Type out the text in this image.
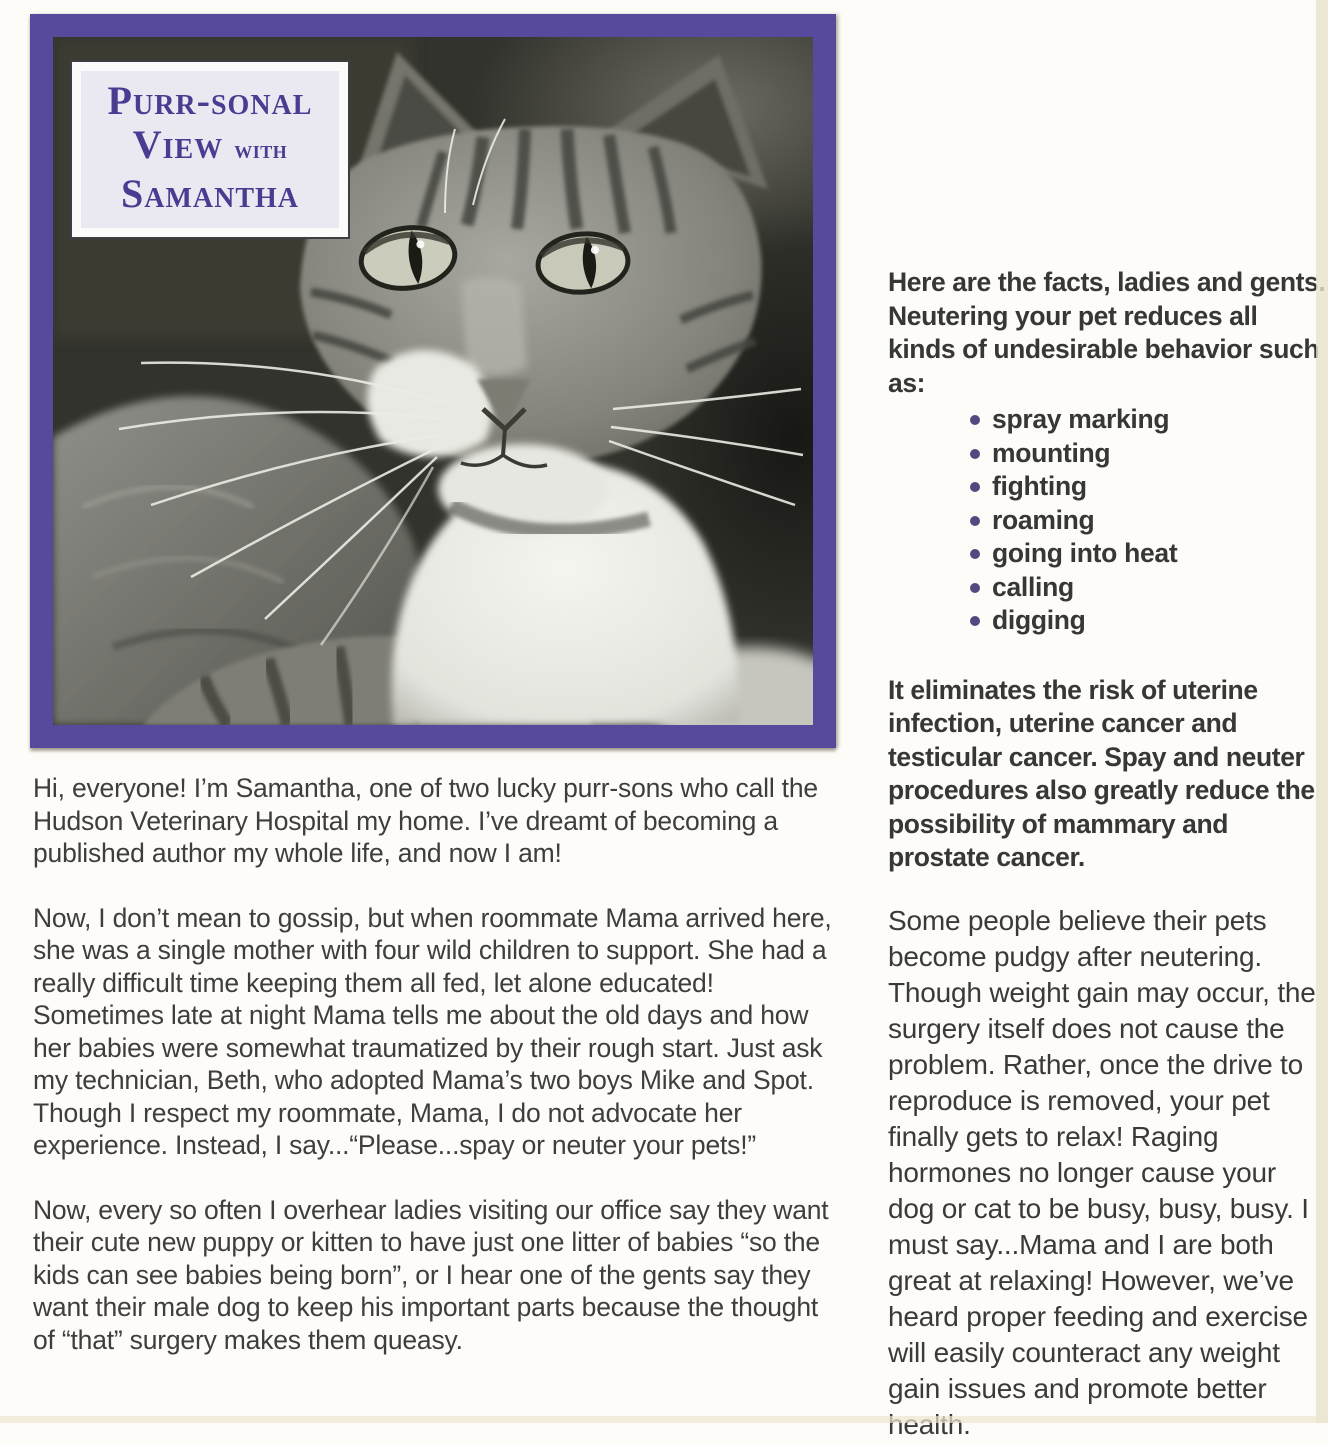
Purr-sonal
View with
Samantha

Hi, everyone! I’m Samantha, one of two lucky purr-sons who call the Hudson Veterinary Hospital my home. I’ve dreamt of becoming a published author my whole life, and now I am!

Now, I don’t mean to gossip, but when roommate Mama arrived here, she was a single mother with four wild children to support. She had a really difficult time keeping them all fed, let alone educated! Sometimes late at night Mama tells me about the old days and how her babies were somewhat traumatized by their rough start. Just ask my technician, Beth, who adopted Mama’s two boys Mike and Spot. Though I respect my roommate, Mama, I do not advocate her experience. Instead, I say...“Please...spay or neuter your pets!”

Now, every so often I overhear ladies visiting our office say they want their cute new puppy or kitten to have just one litter of babies “so the kids can see babies being born”, or I hear one of the gents say they want their male dog to keep his important parts because the thought of “that” surgery makes them queasy.

Here are the facts, ladies and gents. Neutering your pet reduces all kinds of undesirable behavior such as:

spray marking
mounting
fighting
roaming
going into heat
calling
digging

It eliminates the risk of uterine infection, uterine cancer and testicular cancer. Spay and neuter procedures also greatly reduce the possibility of mammary and prostate cancer.

Some people believe their pets become pudgy after neutering. Though weight gain may occur, the surgery itself does not cause the problem. Rather, once the drive to reproduce is removed, your pet finally gets to relax! Raging hormones no longer cause your dog or cat to be busy, busy, busy. I must say...Mama and I are both great at relaxing! However, we’ve heard proper feeding and exercise will easily counteract any weight gain issues and promote better health.
